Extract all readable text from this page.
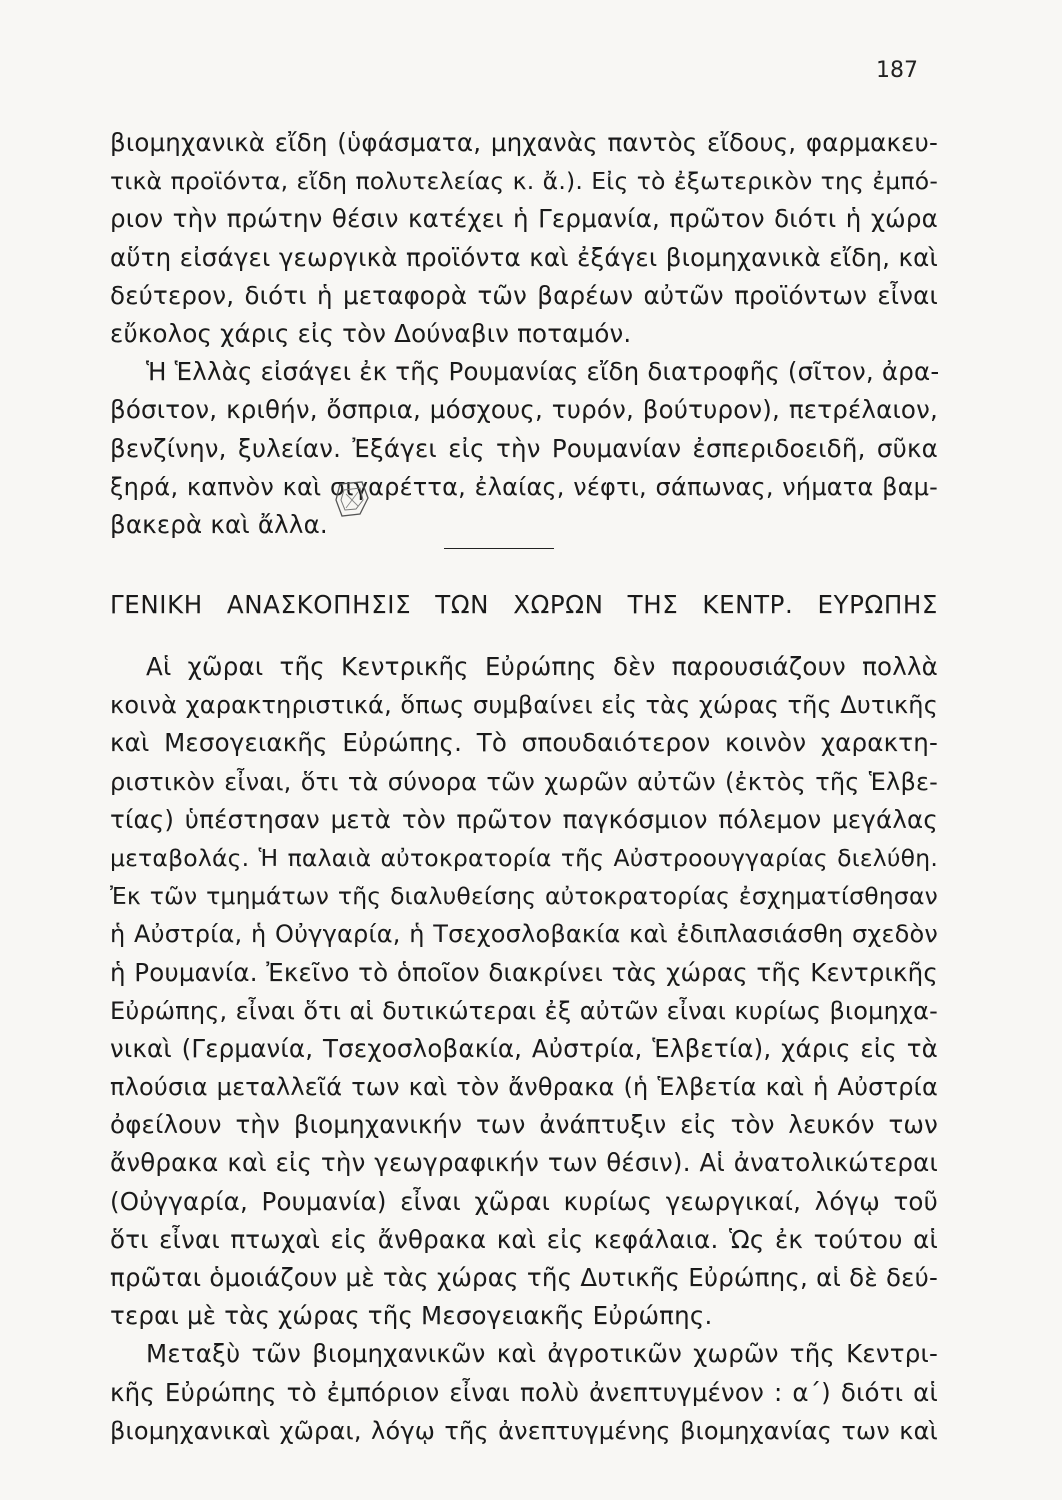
187
βιομηχανικὰ εἴδη (ὑφάσματα, μηχανὰς παντὸς εἴδους, φαρμακευ-
τικὰ προϊόντα, εἴδη πολυτελείας κ. ἄ.). Εἰς τὸ ἐξωτερικὸν της ἐμπό-
ριον τὴν πρώτην θέσιν κατέχει ἡ Γερμανία, πρῶτον διότι ἡ χώρα
αὕτη εἰσάγει γεωργικὰ προϊόντα καὶ ἐξάγει βιομηχανικὰ εἴδη, καὶ
δεύτερον, διότι ἡ μεταφορὰ τῶν βαρέων αὐτῶν προϊόντων εἶναι
εὔκολος χάρις εἰς τὸν Δούναβιν ποταμόν.
Ἡ Ἑλλὰς εἰσάγει ἐκ τῆς Ρουμανίας εἴδη διατροφῆς (σῖτον, ἀρα-
βόσιτον, κριθήν, ὄσπρια, μόσχους, τυρόν, βούτυρον), πετρέλαιον,
βενζίνην, ξυλείαν. Ἐξάγει εἰς τὴν Ρουμανίαν ἐσπεριδοειδῆ, σῦκα
ξηρά, καπνὸν καὶ σιγαρέττα, ἐλαίας, νέφτι, σάπωνας, νήματα βαμ-
βακερὰ καὶ ἄλλα.
ΓΕΝΙΚΗ ΑΝΑΣΚΟΠΗΣΙΣ ΤΩΝ ΧΩΡΩΝ ΤΗΣ ΚΕΝΤΡ. ΕΥΡΩΠΗΣ
Αἱ χῶραι τῆς Κεντρικῆς Εὐρώπης δὲν παρουσιάζουν πολλὰ
κοινὰ χαρακτηριστικά, ὅπως συμβαίνει εἰς τὰς χώρας τῆς Δυτικῆς
καὶ Μεσογειακῆς Εὐρώπης. Τὸ σπουδαιότερον κοινὸν χαρακτη-
ριστικὸν εἶναι, ὅτι τὰ σύνορα τῶν χωρῶν αὐτῶν (ἐκτὸς τῆς Ἑλβε-
τίας) ὑπέστησαν μετὰ τὸν πρῶτον παγκόσμιον πόλεμον μεγάλας
μεταβολάς. Ἡ παλαιὰ αὐτοκρατορία τῆς Αὐστροουγγαρίας διελύθη.
Ἐκ τῶν τμημάτων τῆς διαλυθείσης αὐτοκρατορίας ἐσχηματίσθησαν
ἡ Αὐστρία, ἡ Οὐγγαρία, ἡ Τσεχοσλοβακία καὶ ἐδιπλασιάσθη σχεδὸν
ἡ Ρουμανία. Ἐκεῖνο τὸ ὁποῖον διακρίνει τὰς χώρας τῆς Κεντρικῆς
Εὐρώπης, εἶναι ὅτι αἱ δυτικώτεραι ἐξ αὐτῶν εἶναι κυρίως βιομηχα-
νικαὶ (Γερμανία, Τσεχοσλοβακία, Αὐστρία, Ἑλβετία), χάρις εἰς τὰ
πλούσια μεταλλεῖά των καὶ τὸν ἄνθρακα (ἡ Ἑλβετία καὶ ἡ Αὐστρία
ὀφείλουν τὴν βιομηχανικήν των ἀνάπτυξιν εἰς τὸν λευκόν των
ἄνθρακα καὶ εἰς τὴν γεωγραφικήν των θέσιν). Αἱ ἀνατολικώτεραι
(Οὐγγαρία, Ρουμανία) εἶναι χῶραι κυρίως γεωργικαί, λόγῳ τοῦ
ὅτι εἶναι πτωχαὶ εἰς ἄνθρακα καὶ εἰς κεφάλαια. Ὡς ἐκ τούτου αἱ
πρῶται ὁμοιάζουν μὲ τὰς χώρας τῆς Δυτικῆς Εὐρώπης, αἱ δὲ δεύ-
τεραι μὲ τὰς χώρας τῆς Μεσογειακῆς Εὐρώπης.
Μεταξὺ τῶν βιομηχανικῶν καὶ ἀγροτικῶν χωρῶν τῆς Κεντρι-
κῆς Εὐρώπης τὸ ἐμπόριον εἶναι πολὺ ἀνεπτυγμένον : α΄) διότι αἱ
βιομηχανικαὶ χῶραι, λόγῳ τῆς ἀνεπτυγμένης βιομηχανίας των καὶ
